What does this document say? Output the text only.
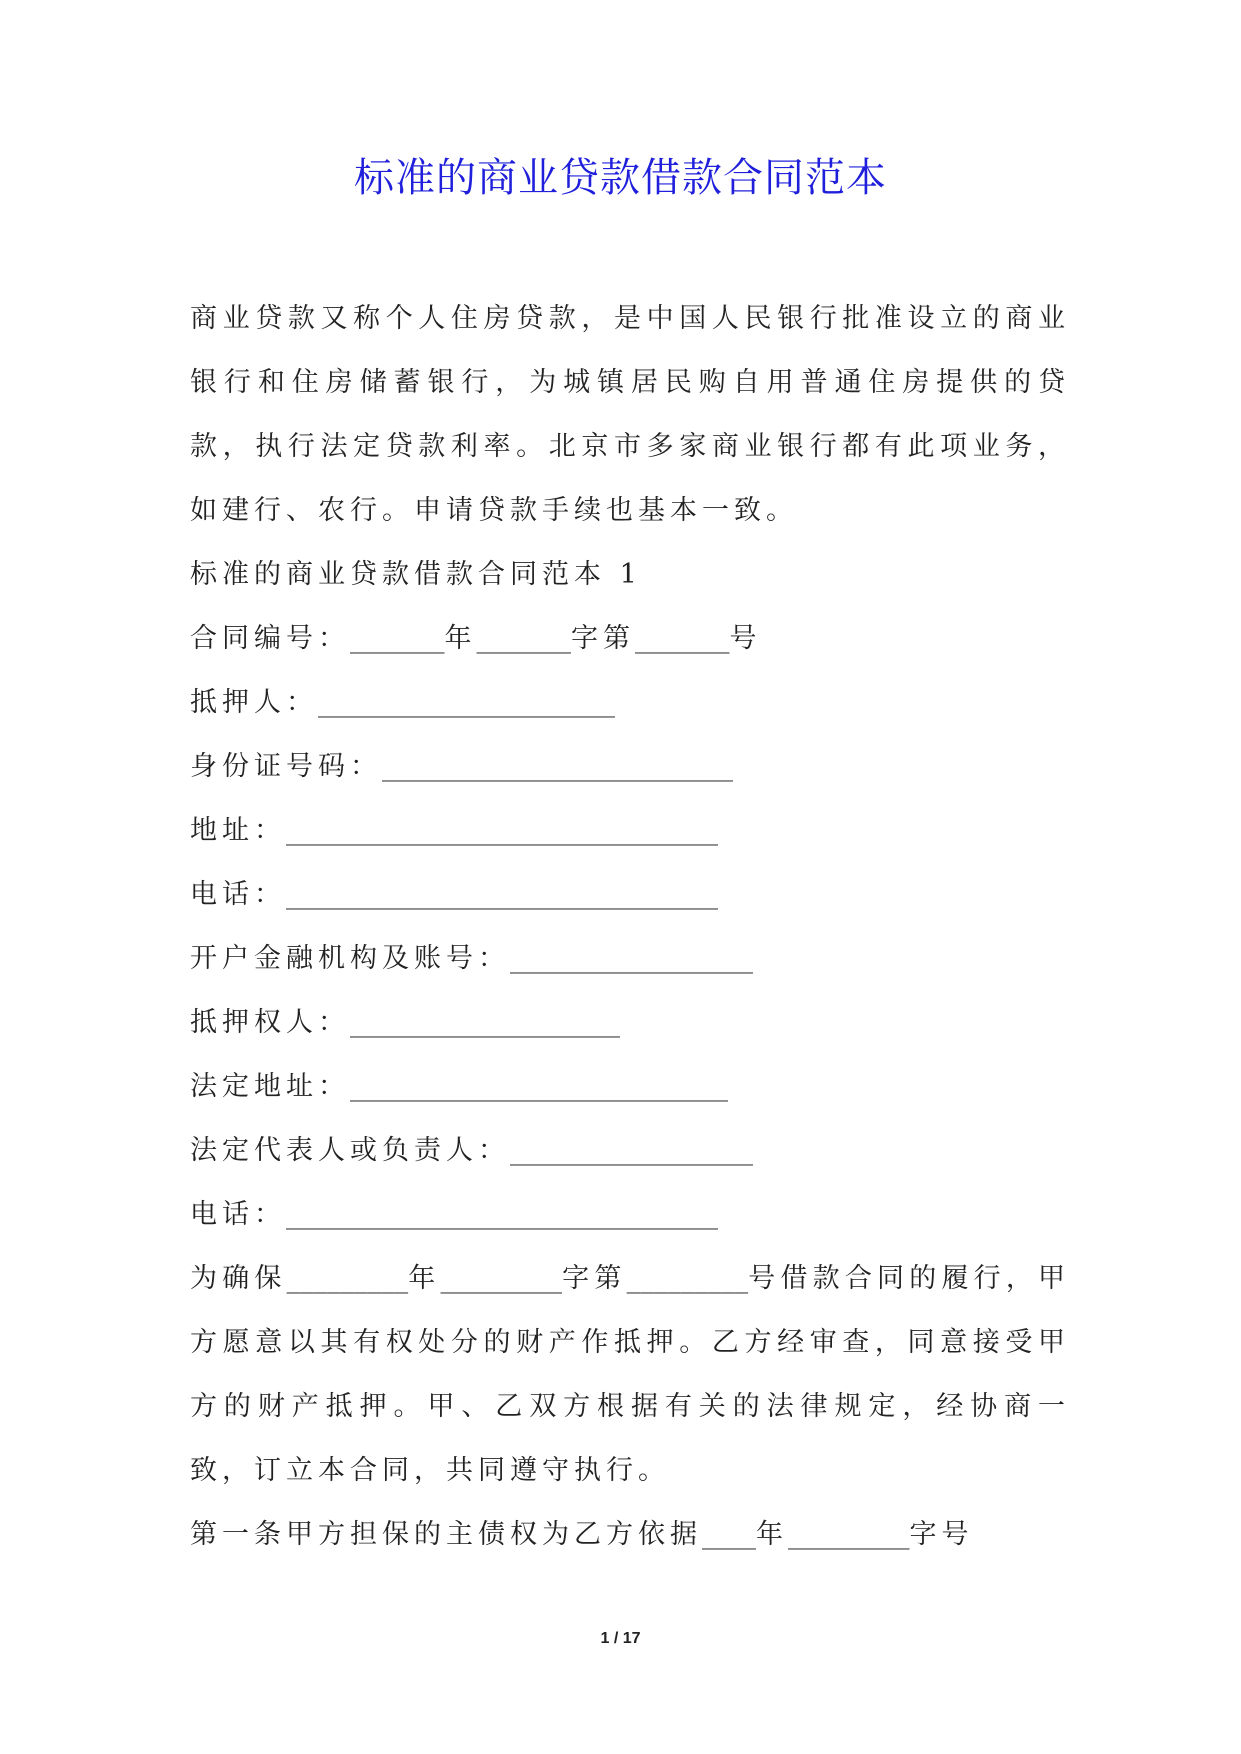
标准的商业贷款借款合同范本

商业贷款又称个人住房贷款，是中国人民银行批准设立的商业银行和住房储蓄银行，为城镇居民购自用普通住房提供的贷款，执行法定贷款利率。北京市多家商业银行都有此项业务，如建行、农行。申请贷款手续也基本一致。

标准的商业贷款借款合同范本 1

合同编号：_______年_______字第_______号

抵押人：______________________

身份证号码：__________________________

地址：________________________________

电话：________________________________

开户金融机构及账号：__________________

抵押权人：____________________

法定地址：____________________________

法定代表人或负责人：__________________

电话：________________________________

为确保_________年_________字第_________号借款合同的履行，甲方愿意以其有权处分的财产作抵押。乙方经审查，同意接受甲方的财产抵押。甲、乙双方根据有关的法律规定，经协商一致，订立本合同，共同遵守执行。

第一条甲方担保的主债权为乙方依据____年_________字号

1 / 17
